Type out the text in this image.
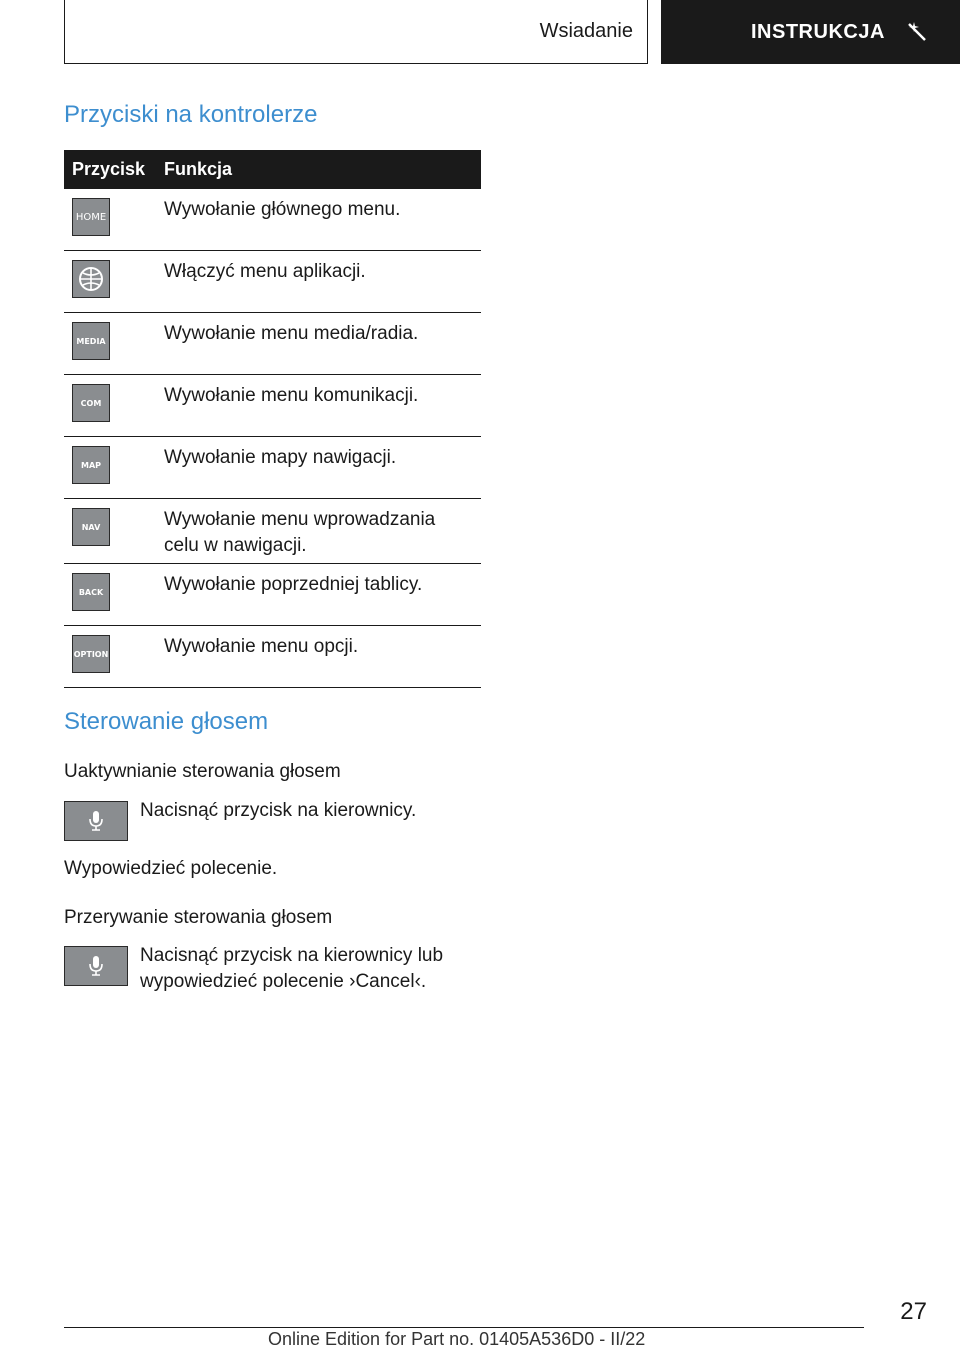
Wsiadanie	INSTRUKCJA
Przyciski na kontrolerze
Przycisk	Funkcja
HOME	Wywołanie głównego menu.
Włączyć menu aplikacji.
MEDIA	Wywołanie menu media/radia.
COM	Wywołanie menu komunikacji.
MAP	Wywołanie mapy nawigacji.
NAV	Wywołanie menu wprowadzania celu w nawigacji.
BACK	Wywołanie poprzedniej tablicy.
OPTION	Wywołanie menu opcji.
Sterowanie głosem
Uaktywnianie sterowania głosem
Nacisnąć przycisk na kierownicy.

Wypowiedzieć polecenie.

Przerywanie sterowania głosem
Nacisnąć przycisk na kierownicy lub wypowiedzieć polecenie ›Cancel‹.
27
Online Edition for Part no. 01405A536D0 - II/22
